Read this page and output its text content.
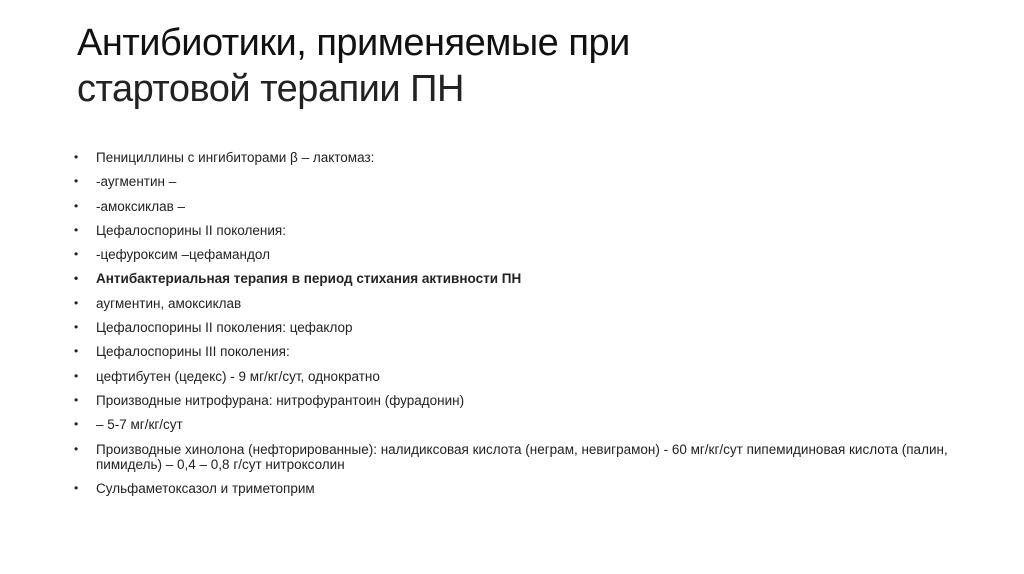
Антибиотики, применяемые при
стартовой терапии ПН
• Пенициллины с ингибиторами β – лактомаз:
• -аугментин –
• -амоксиклав –
• Цефалоспорины II поколения:
• -цефуроксим –цефамандол
• Антибактериальная терапия в период стихания активности ПН
• аугментин, амоксиклав
• Цефалоспорины II поколения: цефаклор
• Цефалоспорины III поколения:
• цефтибутен (цедекс) - 9 мг/кг/сут, однократно
• Производные нитрофурана: нитрофурантоин (фурадонин)
• – 5-7 мг/кг/сут
• Производные хинолона (нефторированные): налидиксовая кислота (неграм, невиграмон) - 60 мг/кг/сут пипемидиновая кислота (палин, пимидель) – 0,4 – 0,8 г/сут нитроксолин
• Сульфаметоксазол и триметоприм
